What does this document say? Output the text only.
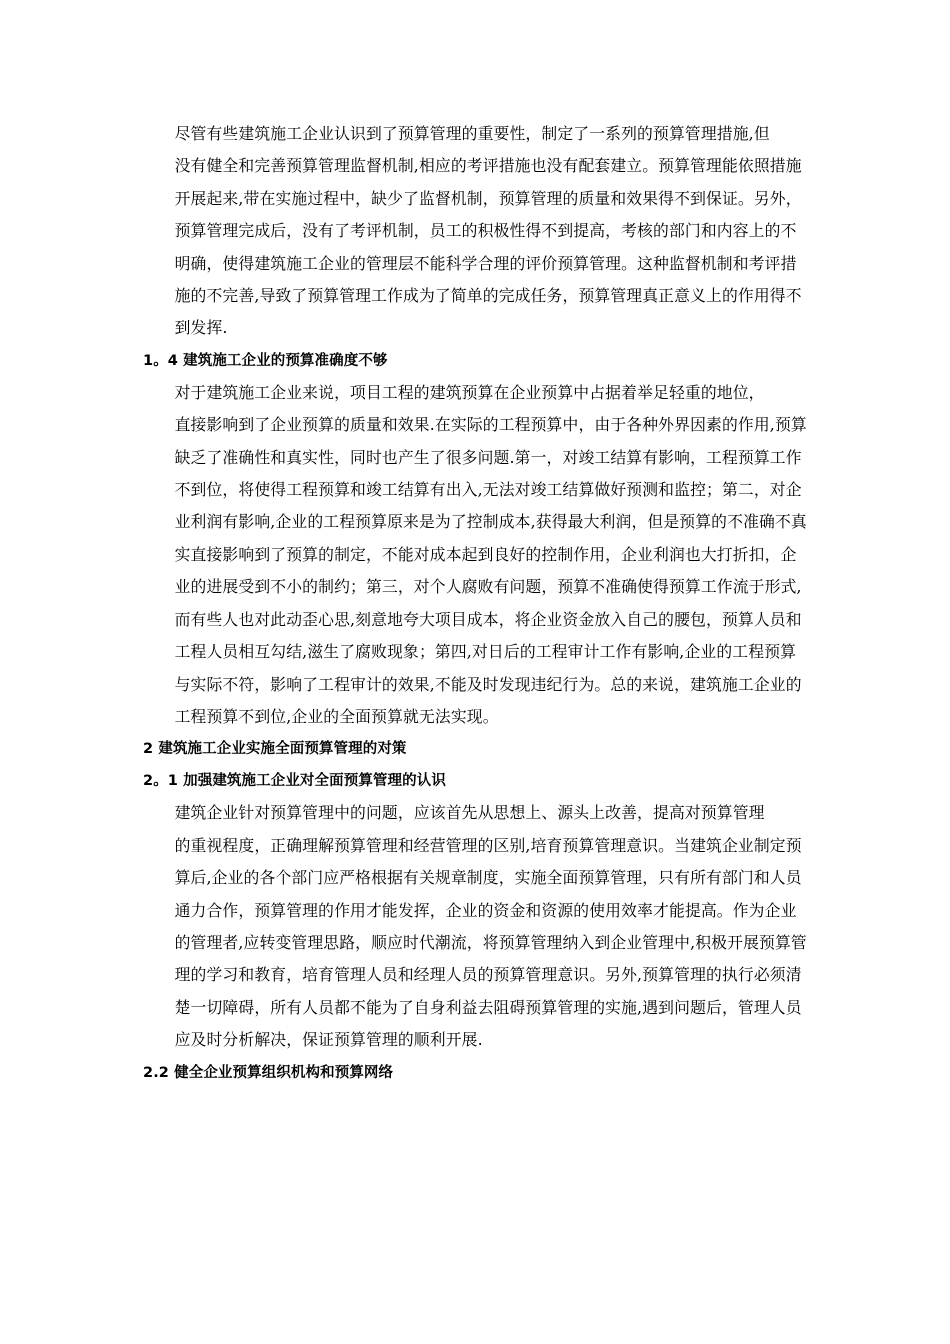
尽管有些建筑施工企业认识到了预算管理的重要性，制定了一系列的预算管理措施,但
没有健全和完善预算管理监督机制,相应的考评措施也没有配套建立。预算管理能依照措施
开展起来,带在实施过程中，缺少了监督机制，预算管理的质量和效果得不到保证。另外，
预算管理完成后，没有了考评机制，员工的积极性得不到提高，考核的部门和内容上的不
明确，使得建筑施工企业的管理层不能科学合理的评价预算管理。这种监督机制和考评措
施的不完善,导致了预算管理工作成为了简单的完成任务，预算管理真正意义上的作用得不
到发挥.
1。4 建筑施工企业的预算准确度不够
对于建筑施工企业来说，项目工程的建筑预算在企业预算中占据着举足轻重的地位，
直接影响到了企业预算的质量和效果.在实际的工程预算中，由于各种外界因素的作用,预算
缺乏了准确性和真实性，同时也产生了很多问题.第一，对竣工结算有影响，工程预算工作
不到位，将使得工程预算和竣工结算有出入,无法对竣工结算做好预测和监控；第二，对企
业利润有影响,企业的工程预算原来是为了控制成本,获得最大利润，但是预算的不准确不真
实直接影响到了预算的制定，不能对成本起到良好的控制作用，企业利润也大打折扣，企
业的进展受到不小的制约；第三，对个人腐败有问题，预算不准确使得预算工作流于形式,
而有些人也对此动歪心思,刻意地夸大项目成本，将企业资金放入自己的腰包，预算人员和
工程人员相互勾结,滋生了腐败现象；第四,对日后的工程审计工作有影响,企业的工程预算
与实际不符，影响了工程审计的效果,不能及时发现违纪行为。总的来说，建筑施工企业的
工程预算不到位,企业的全面预算就无法实现。
2 建筑施工企业实施全面预算管理的对策
2。1 加强建筑施工企业对全面预算管理的认识
建筑企业针对预算管理中的问题，应该首先从思想上、源头上改善，提高对预算管理
的重视程度，正确理解预算管理和经营管理的区别,培育预算管理意识。当建筑企业制定预
算后,企业的各个部门应严格根据有关规章制度，实施全面预算管理，只有所有部门和人员
通力合作，预算管理的作用才能发挥，企业的资金和资源的使用效率才能提高。作为企业
的管理者,应转变管理思路，顺应时代潮流，将预算管理纳入到企业管理中,积极开展预算管
理的学习和教育，培育管理人员和经理人员的预算管理意识。另外,预算管理的执行必须清
楚一切障碍，所有人员都不能为了自身利益去阻碍预算管理的实施,遇到问题后，管理人员
应及时分析解决，保证预算管理的顺利开展.
2.2 健全企业预算组织机构和预算网络
